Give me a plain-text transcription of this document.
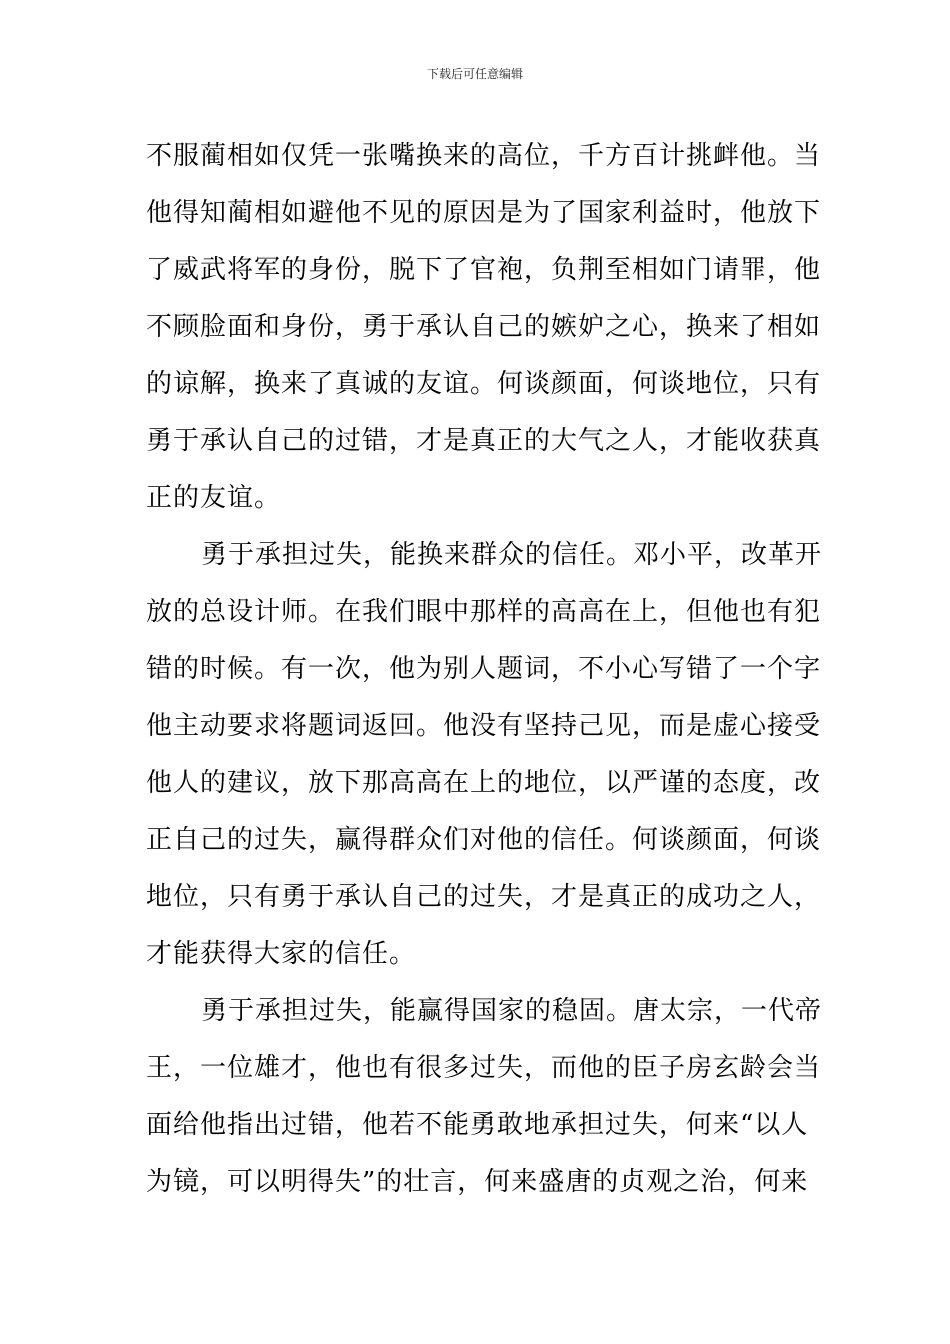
下载后可任意编辑
不服蔺相如仅凭一张嘴换来的高位，千方百计挑衅他。当
他得知蔺相如避他不见的原因是为了国家利益时，他放下
了威武将军的身份，脱下了官袍，负荆至相如门请罪，他
不顾脸面和身份，勇于承认自己的嫉妒之心，换来了相如
的谅解，换来了真诚的友谊。何谈颜面，何谈地位，只有
勇于承认自己的过错，才是真正的大气之人，才能收获真
正的友谊。
勇于承担过失，能换来群众的信任。邓小平，改革开
放的总设计师。在我们眼中那样的高高在上，但他也有犯
错的时候。有一次，他为别人题词，不小心写错了一个字
他主动要求将题词返回。他没有坚持己见，而是虚心接受
他人的建议，放下那高高在上的地位，以严谨的态度，改
正自己的过失，赢得群众们对他的信任。何谈颜面，何谈
地位，只有勇于承认自己的过失，才是真正的成功之人，
才能获得大家的信任。
勇于承担过失，能赢得国家的稳固。唐太宗，一代帝
王，一位雄才，他也有很多过失，而他的臣子房玄龄会当
面给他指出过错，他若不能勇敢地承担过失，何来“以人
为镜，可以明得失”的壮言，何来盛唐的贞观之治，何来
